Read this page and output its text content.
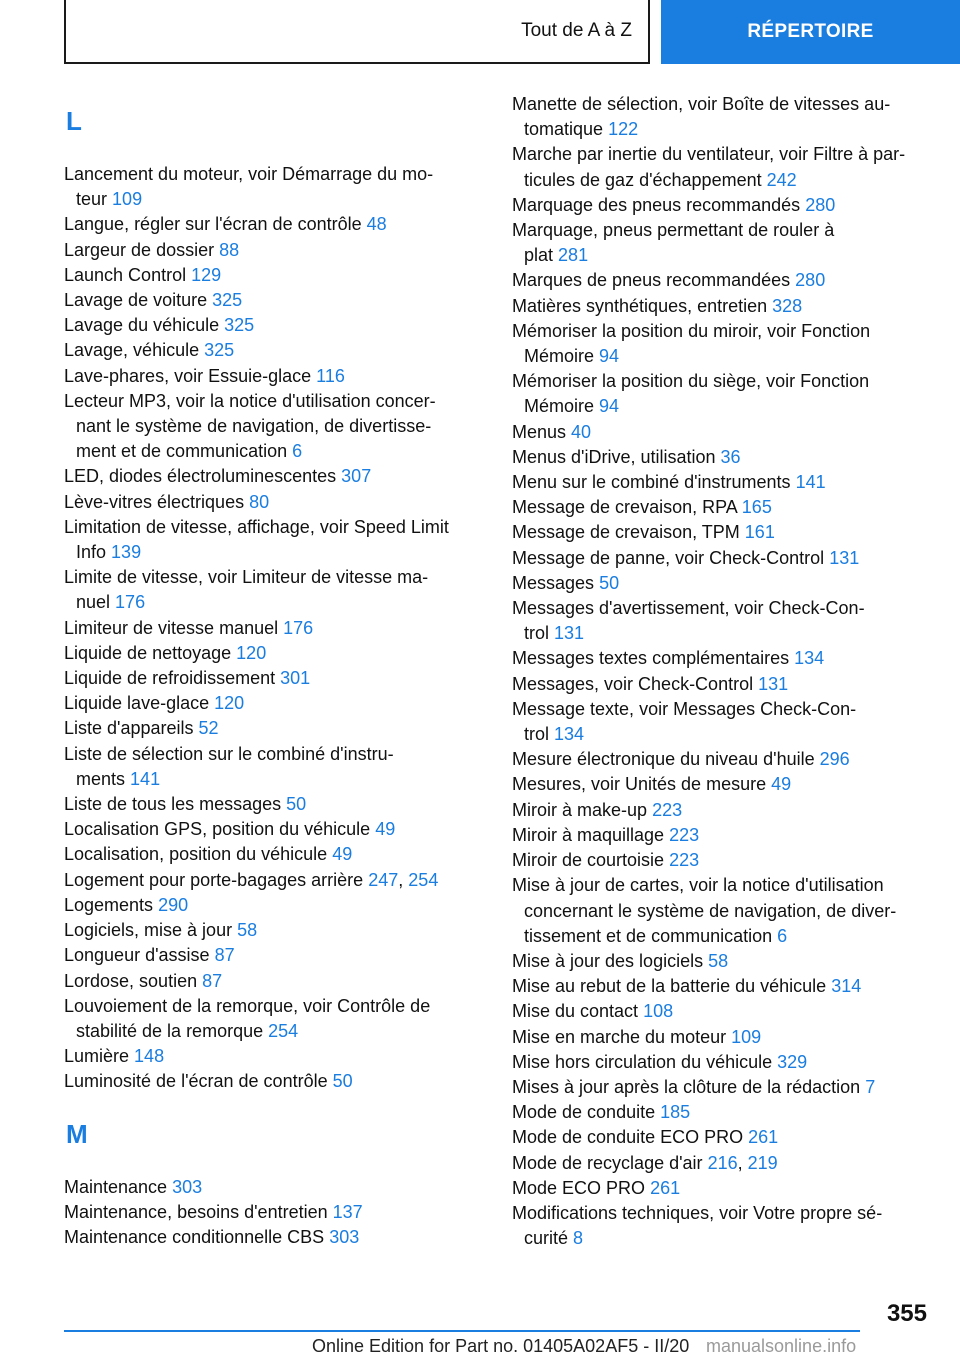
Tout de A à Z	RÉPERTOIRE
L
Lancement du moteur, voir Démarrage du mo‐
teur 109
Langue, régler sur l'écran de contrôle 48
Largeur de dossier 88
Launch Control 129
Lavage de voiture 325
Lavage du véhicule 325
Lavage, véhicule 325
Lave-phares, voir Essuie-glace 116
Lecteur MP3, voir la notice d'utilisation concer‐
nant le système de navigation, de divertisse‐
ment et de communication 6
LED, diodes électroluminescentes 307
Lève-vitres électriques 80
Limitation de vitesse, affichage, voir Speed Limit
Info 139
Limite de vitesse, voir Limiteur de vitesse ma‐
nuel 176
Limiteur de vitesse manuel 176
Liquide de nettoyage 120
Liquide de refroidissement 301
Liquide lave-glace 120
Liste d'appareils 52
Liste de sélection sur le combiné d'instru‐
ments 141
Liste de tous les messages 50
Localisation GPS, position du véhicule 49
Localisation, position du véhicule 49
Logement pour porte-bagages arrière 247, 254
Logements 290
Logiciels, mise à jour 58
Longueur d'assise 87
Lordose, soutien 87
Louvoiement de la remorque, voir Contrôle de
stabilité de la remorque 254
Lumière 148
Luminosité de l'écran de contrôle 50
M
Maintenance 303
Maintenance, besoins d'entretien 137
Maintenance conditionnelle CBS 303
Manette de sélection, voir Boîte de vitesses au‐
tomatique 122
Marche par inertie du ventilateur, voir Filtre à par‐
ticules de gaz d'échappement 242
Marquage des pneus recommandés 280
Marquage, pneus permettant de rouler à
plat 281
Marques de pneus recommandées 280
Matières synthétiques, entretien 328
Mémoriser la position du miroir, voir Fonction
Mémoire 94
Mémoriser la position du siège, voir Fonction
Mémoire 94
Menus 40
Menus d'iDrive, utilisation 36
Menu sur le combiné d'instruments 141
Message de crevaison, RPA 165
Message de crevaison, TPM 161
Message de panne, voir Check-Control 131
Messages 50
Messages d'avertissement, voir Check-Con‐
trol 131
Messages textes complémentaires 134
Messages, voir Check-Control 131
Message texte, voir Messages Check-Con‐
trol 134
Mesure électronique du niveau d'huile 296
Mesures, voir Unités de mesure 49
Miroir à make-up 223
Miroir à maquillage 223
Miroir de courtoisie 223
Mise à jour de cartes, voir la notice d'utilisation
concernant le système de navigation, de diver‐
tissement et de communication 6
Mise à jour des logiciels 58
Mise au rebut de la batterie du véhicule 314
Mise du contact 108
Mise en marche du moteur 109
Mise hors circulation du véhicule 329
Mises à jour après la clôture de la rédaction 7
Mode de conduite 185
Mode de conduite ECO PRO 261
Mode de recyclage d'air 216, 219
Mode ECO PRO 261
Modifications techniques, voir Votre propre sé‐
curité 8
355
Online Edition for Part no. 01405A02AF5 - II/20 manualsonline.info
